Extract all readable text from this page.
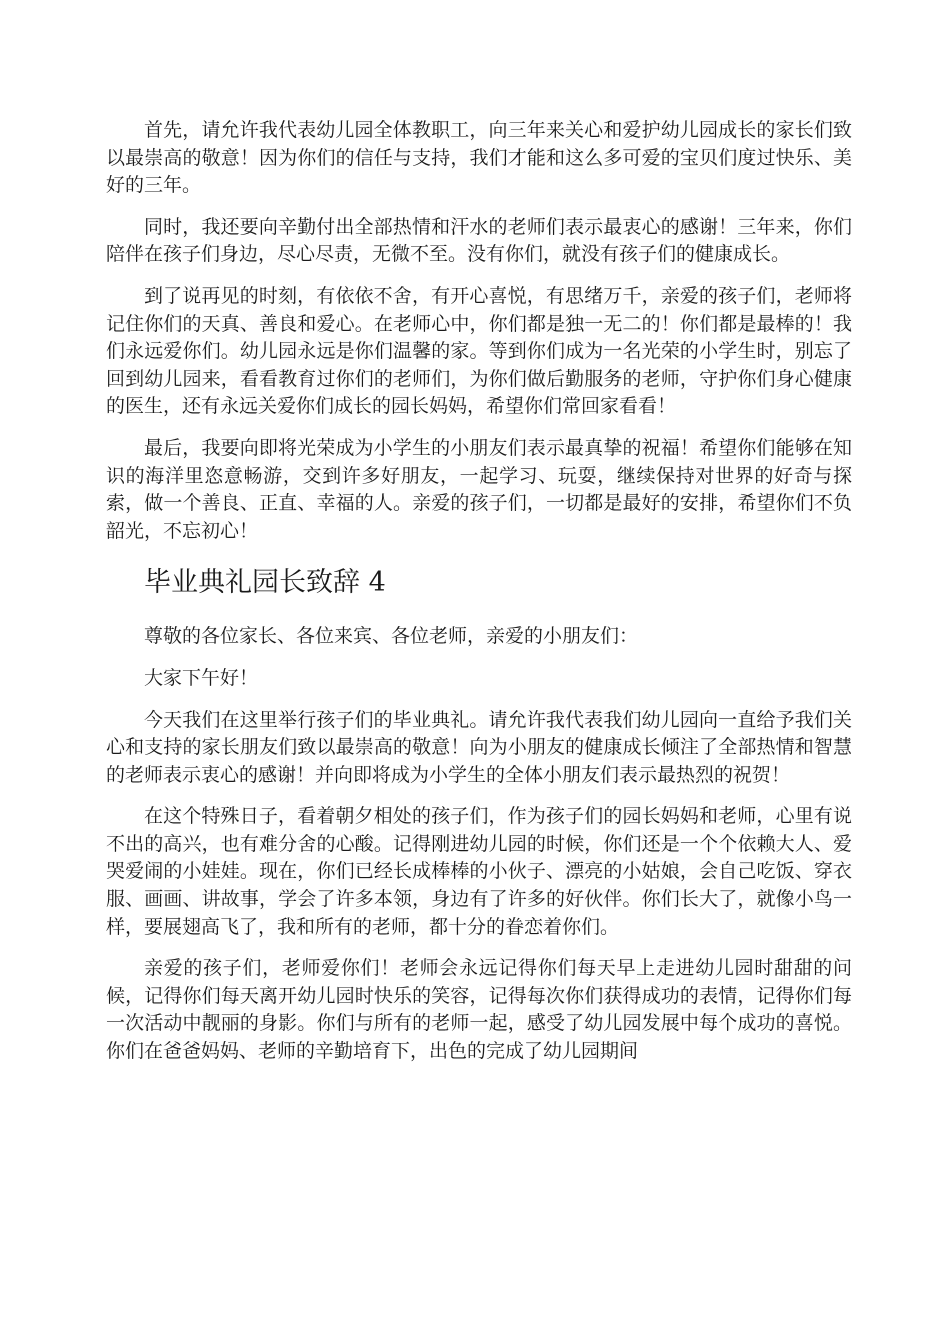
首先，请允许我代表幼儿园全体教职工，向三年来关心和爱护幼儿园成长的家长们致以最崇高的敬意！因为你们的信任与支持，我们才能和这么多可爱的宝贝们度过快乐、美好的三年。

同时，我还要向辛勤付出全部热情和汗水的老师们表示最衷心的感谢！三年来，你们陪伴在孩子们身边，尽心尽责，无微不至。没有你们，就没有孩子们的健康成长。

到了说再见的时刻，有依依不舍，有开心喜悦，有思绪万千，亲爱的孩子们，老师将记住你们的天真、善良和爱心。在老师心中，你们都是独一无二的！你们都是最棒的！我们永远爱你们。幼儿园永远是你们温馨的家。等到你们成为一名光荣的小学生时，别忘了回到幼儿园来，看看教育过你们的老师们，为你们做后勤服务的老师，守护你们身心健康的医生，还有永远关爱你们成长的园长妈妈，希望你们常回家看看！

最后，我要向即将光荣成为小学生的小朋友们表示最真挚的祝福！希望你们能够在知识的海洋里恣意畅游，交到许多好朋友，一起学习、玩耍，继续保持对世界的好奇与探索，做一个善良、正直、幸福的人。亲爱的孩子们，一切都是最好的安排，希望你们不负韶光，不忘初心！

毕业典礼园长致辞 4

尊敬的各位家长、各位来宾、各位老师，亲爱的小朋友们：

大家下午好！

今天我们在这里举行孩子们的毕业典礼。请允许我代表我们幼儿园向一直给予我们关心和支持的家长朋友们致以最崇高的敬意！向为小朋友的健康成长倾注了全部热情和智慧的老师表示衷心的感谢！并向即将成为小学生的全体小朋友们表示最热烈的祝贺！

在这个特殊日子，看着朝夕相处的孩子们，作为孩子们的园长妈妈和老师，心里有说不出的高兴，也有难分舍的心酸。记得刚进幼儿园的时候，你们还是一个个依赖大人、爱哭爱闹的小娃娃。现在，你们已经长成棒棒的小伙子、漂亮的小姑娘，会自己吃饭、穿衣服、画画、讲故事，学会了许多本领，身边有了许多的好伙伴。你们长大了，就像小鸟一样，要展翅高飞了，我和所有的老师，都十分的眷恋着你们。

亲爱的孩子们，老师爱你们！老师会永远记得你们每天早上走进幼儿园时甜甜的问候，记得你们每天离开幼儿园时快乐的笑容，记得每次你们获得成功的表情，记得你们每一次活动中靓丽的身影。你们与所有的老师一起，感受了幼儿园发展中每个成功的喜悦。你们在爸爸妈妈、老师的辛勤培育下，出色的完成了幼儿园期间
